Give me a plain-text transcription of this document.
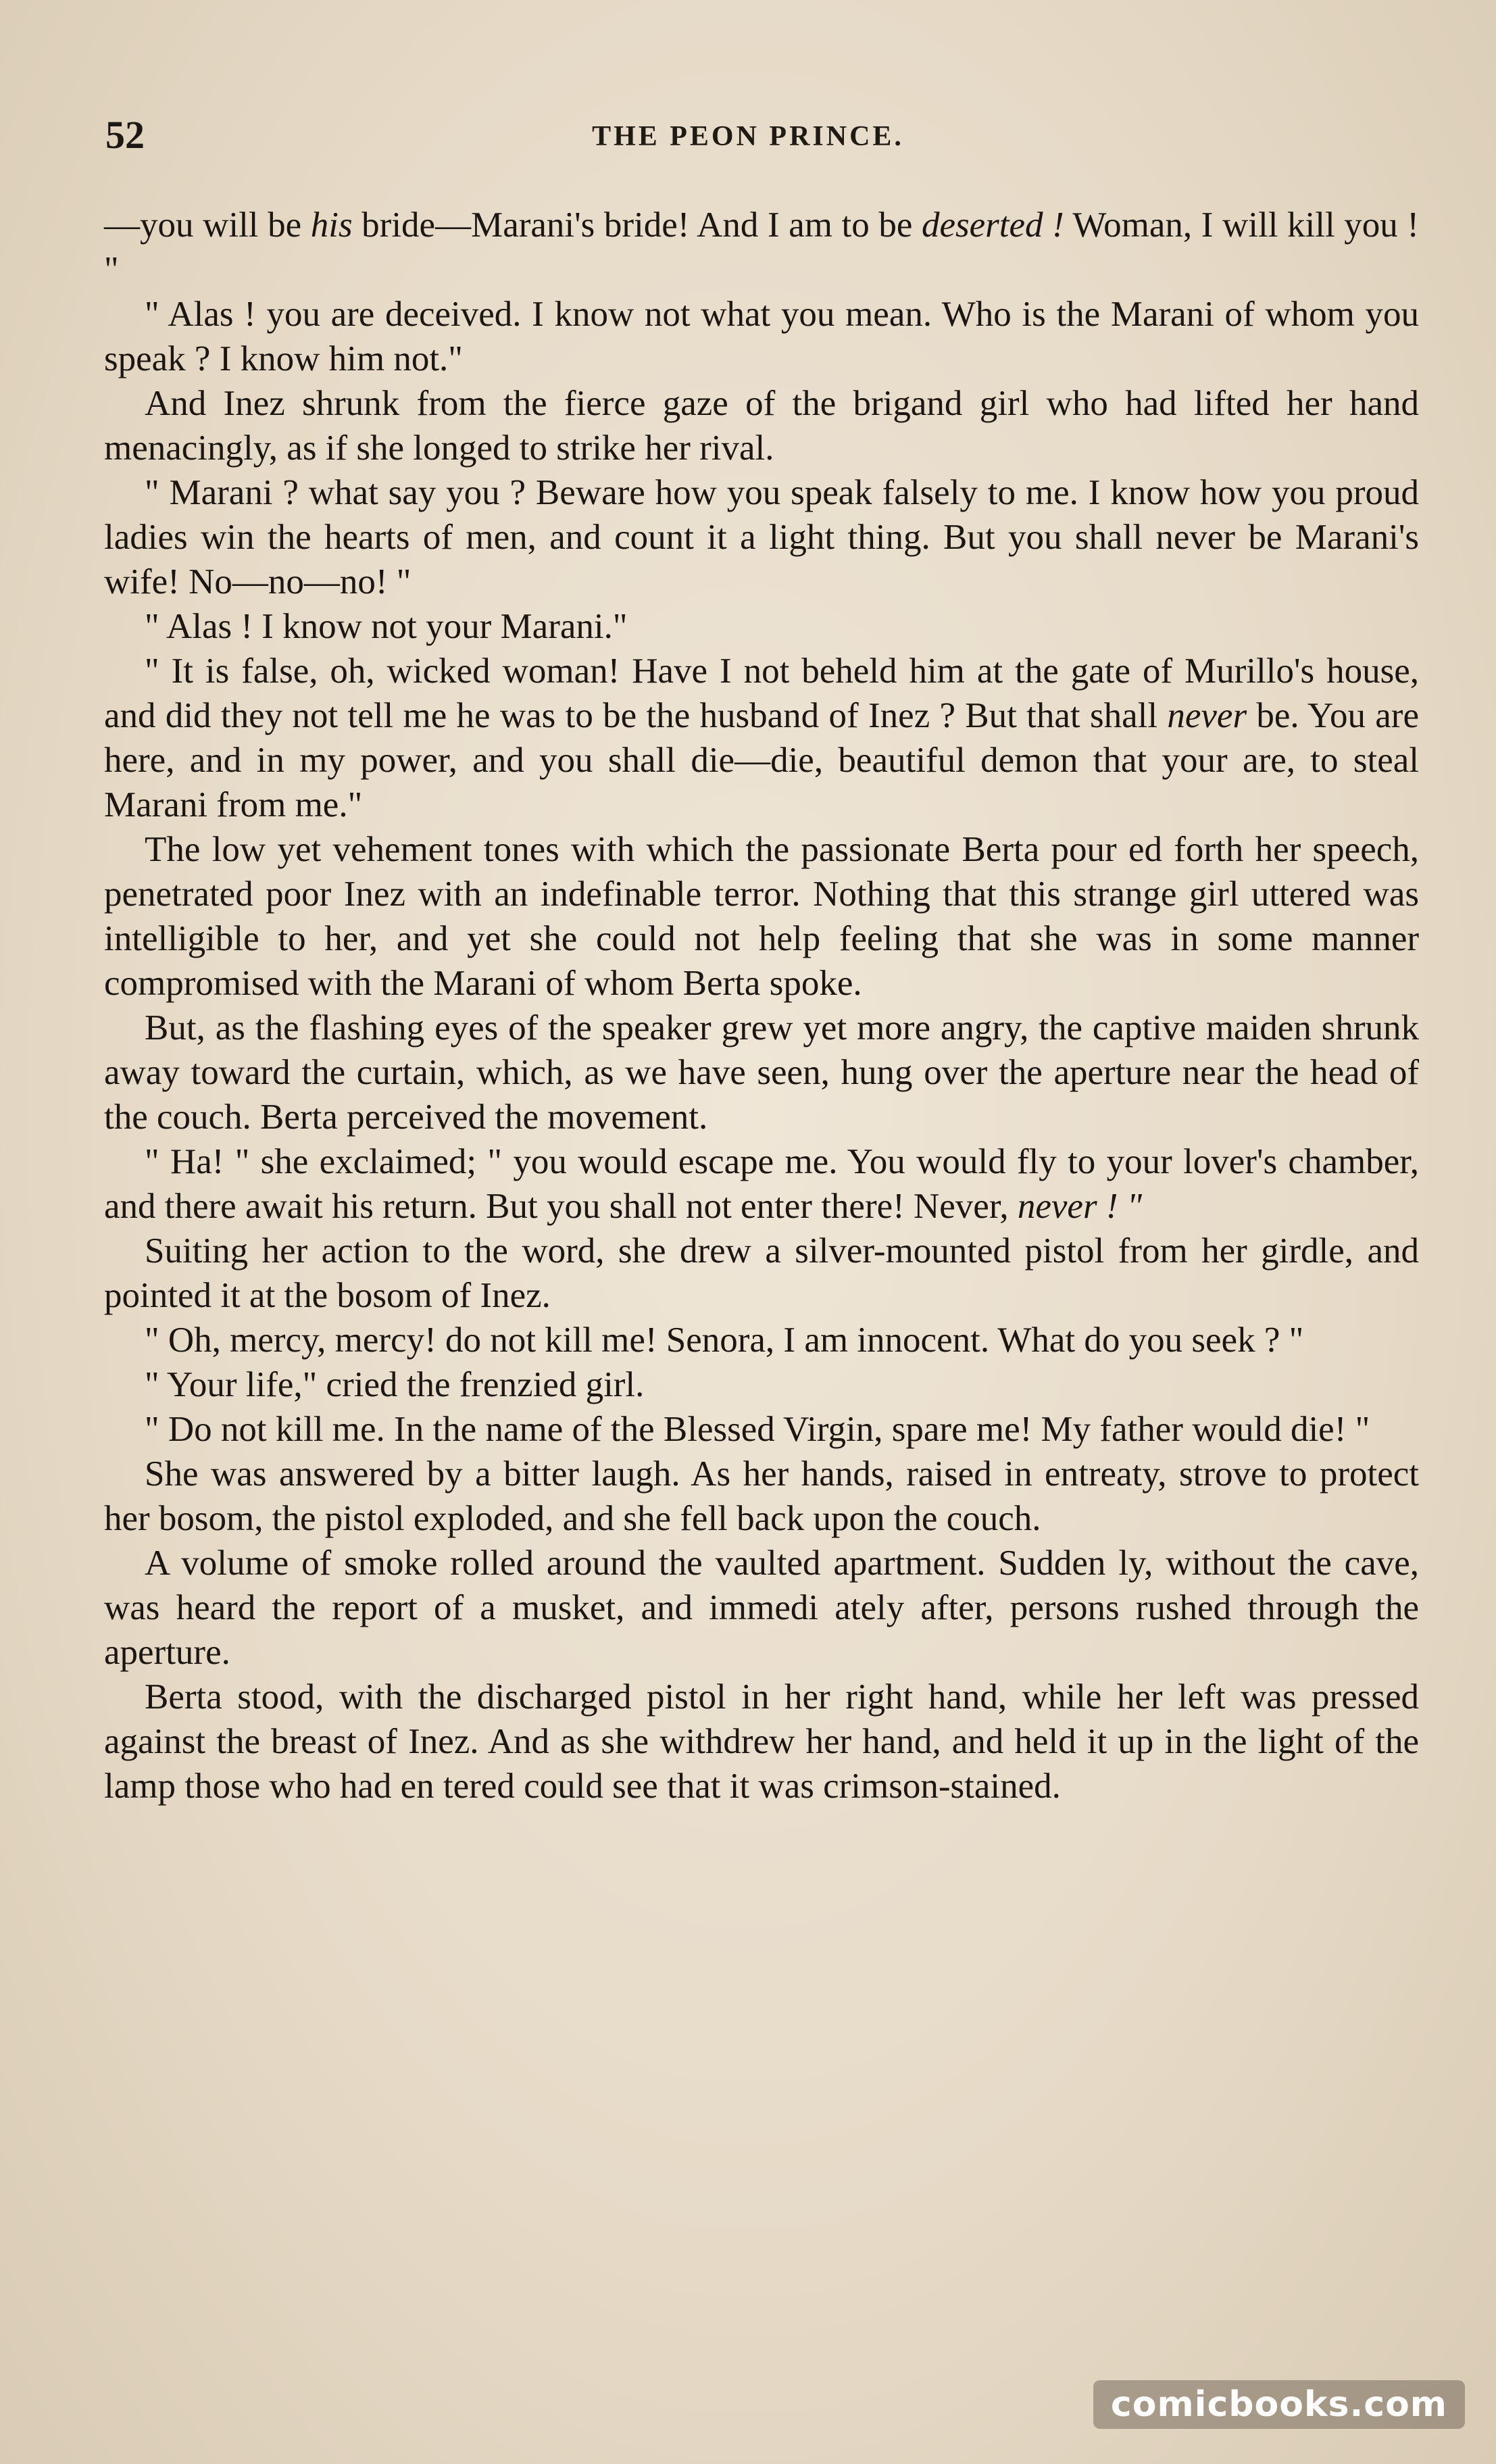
52	THE PEON PRINCE.

—you will be his bride—Marani's bride! And I am to be deserted ! Woman, I will kill you ! "

" Alas ! you are deceived. I know not what you mean. Who is the Marani of whom you speak ? I know him not."

And Inez shrunk from the fierce gaze of the brigand girl who had lifted her hand menacingly, as if she longed to strike her rival.

" Marani ? what say you ? Beware how you speak falsely to me. I know how you proud ladies win the hearts of men, and count it a light thing. But you shall never be Marani's wife! No—no—no! "

" Alas ! I know not your Marani."

" It is false, oh, wicked woman! Have I not beheld him at the gate of Murillo's house, and did they not tell me he was to be the husband of Inez ? But that shall never be. You are here, and in my power, and you shall die—die, beautiful demon that your are, to steal Marani from me."

The low yet vehement tones with which the passionate Berta pour ed forth her speech, penetrated poor Inez with an indefinable terror. Nothing that this strange girl uttered was intelligible to her, and yet she could not help feeling that she was in some manner compromised with the Marani of whom Berta spoke.

But, as the flashing eyes of the speaker grew yet more angry, the captive maiden shrunk away toward the curtain, which, as we have seen, hung over the aperture near the head of the couch. Berta perceived the movement.

" Ha! " she exclaimed; " you would escape me. You would fly to your lover's chamber, and there await his return. But you shall not enter there! Never, never ! "

Suiting her action to the word, she drew a silver-mounted pistol from her girdle, and pointed it at the bosom of Inez.

" Oh, mercy, mercy! do not kill me! Senora, I am innocent. What do you seek ? "

" Your life," cried the frenzied girl.

" Do not kill me. In the name of the Blessed Virgin, spare me! My father would die! "

She was answered by a bitter laugh. As her hands, raised in entreaty, strove to protect her bosom, the pistol exploded, and she fell back upon the couch.

A volume of smoke rolled around the vaulted apartment. Sudden ly, without the cave, was heard the report of a musket, and immedi ately after, persons rushed through the aperture.

Berta stood, with the discharged pistol in her right hand, while her left was pressed against the breast of Inez. And as she withdrew her hand, and held it up in the light of the lamp those who had en tered could see that it was crimson-stained.

comicbooks.com
